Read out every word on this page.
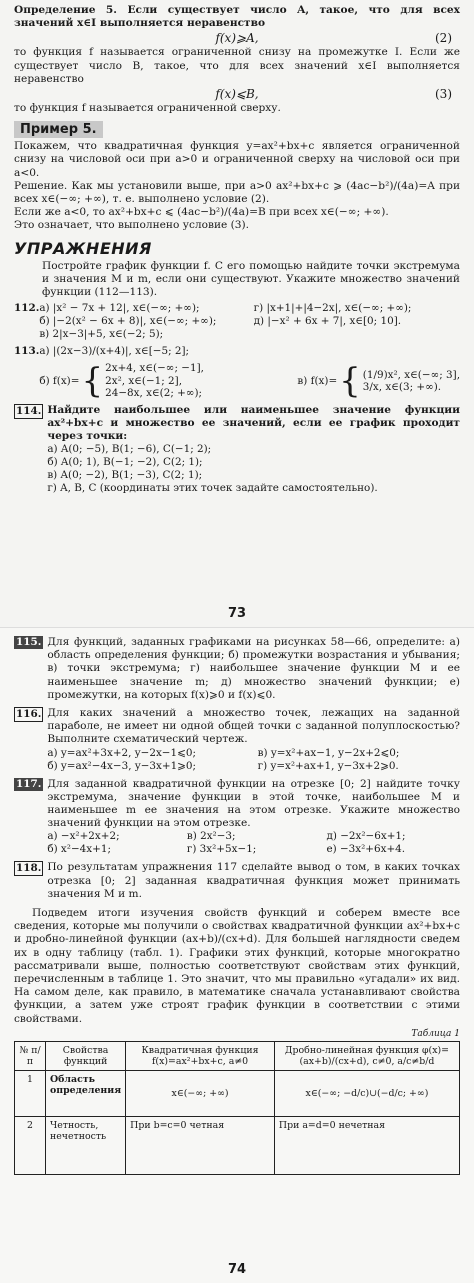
Определение 5. Если существует число A, такое, что для всех значений x∈I выполняется неравенство

f(x)⩾A,	(2)

то функция f называется ограниченной снизу на промежутке I. Если же существует число B, такое, что для всех значений x∈I выполняется неравенство

f(x)⩽B,	(3)

то функция f называется ограниченной сверху.

Пример 5.

Покажем, что квадратичная функция y=ax²+bx+c является ограниченной снизу на числовой оси при a>0 и ограниченной сверху на числовой оси при a<0.

Решение. Как мы установили выше, при a>0 ax²+bx+c ⩾ (4ac−b²)/(4a)=A при всех x∈(−∞; +∞), т. е. выполнено условие (2).

Если же a<0, то ax²+bx+c ⩽ (4ac−b²)/(4a)=B при всех x∈(−∞; +∞).

Это означает, что выполнено условие (3).

УПРАЖНЕНИЯ

Постройте график функции f. С его помощью найдите точки экстремума и значения M и m, если они существуют. Укажите множество значений функции (112—113).

112. а) |x² − 7x + 12|, x∈(−∞; +∞);	г) |x+1|+|4−2x|, x∈(−∞; +∞);
б) |−2(x² − 6x + 8)|, x∈(−∞; +∞);	д) |−x² + 6x + 7|, x∈[0; 10].
в) 2|x−3|+5, x∈(−2; 5);
113. а) |(2x−3)/(x+4)|, x∈[−5; 2];
б) f(x)= { 2x+4, x∈(−∞; −1],
2x², x∈(−1; 2],
24−8x, x∈(2; +∞);
в) f(x)= { (1/9)x², x∈(−∞; 3],
3/x, x∈(3; +∞).
114. Найдите наибольшее или наименьшее значение функции ax²+bx+c и множество ее значений, если ее график проходит через точки:

а) A(0; −5), B(1; −6), C(−1; 2);
б) A(0; 1), B(−1; −2), C(2; 1);
в) A(0; −2), B(1; −3), C(2; 1);
г) A, B, C (координаты этих точек задайте самостоятельно).
73
115. Для функций, заданных графиками на рисунках 58—66, определите: а) область определения функции; б) промежутки возрастания и убывания; в) точки экстремума; г) наибольшее значение функции M и ее наименьшее значение m; д) множество значений функции; е) промежутки, на которых f(x)⩾0 и f(x)⩽0.

116. Для каких значений a множество точек, лежащих на заданной параболе, не имеет ни одной общей точки с заданной полуплоскостью? Выполните схематический чертеж.

а) y=ax²+3x+2, y−2x−1⩽0;	в) y=x²+ax−1, y−2x+2⩽0;
б) y=ax²−4x−3, y−3x+1⩾0;	г) y=x²+ax+1, y−3x+2⩾0.
117. Для заданной квадратичной функции на отрезке [0; 2] найдите точку экстремума, значение функции в этой точке, наибольшее M и наименьшее m ее значения на этом отрезке. Укажите множество значений функции на этом отрезке.

а) −x²+2x+2;	в) 2x²−3;	д) −2x²−6x+1;
б) x²−4x+1;	г) 3x²+5x−1;	е) −3x²+6x+4.
118. По результатам упражнения 117 сделайте вывод о том, в каких точках отрезка [0; 2] заданная квадратичная функция может принимать значения M и m.

Подведем итоги изучения свойств функций и соберем вместе все сведения, которые мы получили о свойствах квадратичной функции ax²+bx+c и дробно-линейной функции (ax+b)/(cx+d). Для большей наглядности сведем их в одну таблицу (табл. 1). Графики этих функций, которые многократно рассматривали выше, полностью соответствуют свойствам этих функций, перечисленным в таблице 1. Это значит, что мы правильно «угадали» их вид. На самом деле, как правило, в математике сначала устанавливают свойства функции, а затем уже строят график функции в соответствии с этими свойствами.

Таблица 1
№ п/п	Свойства функций	Квадратичная функция f(x)=ax²+bx+c, a≠0	Дробно-линейная функция φ(x)=(ax+b)/(cx+d), c≠0, a/c≠b/d
1	Область определения	x∈(−∞; +∞)	x∈(−∞; −d/c)∪(−d/c; +∞)
2	Четность, нечетность	При b=c=0 четная	При a=d=0 нечетная
74
